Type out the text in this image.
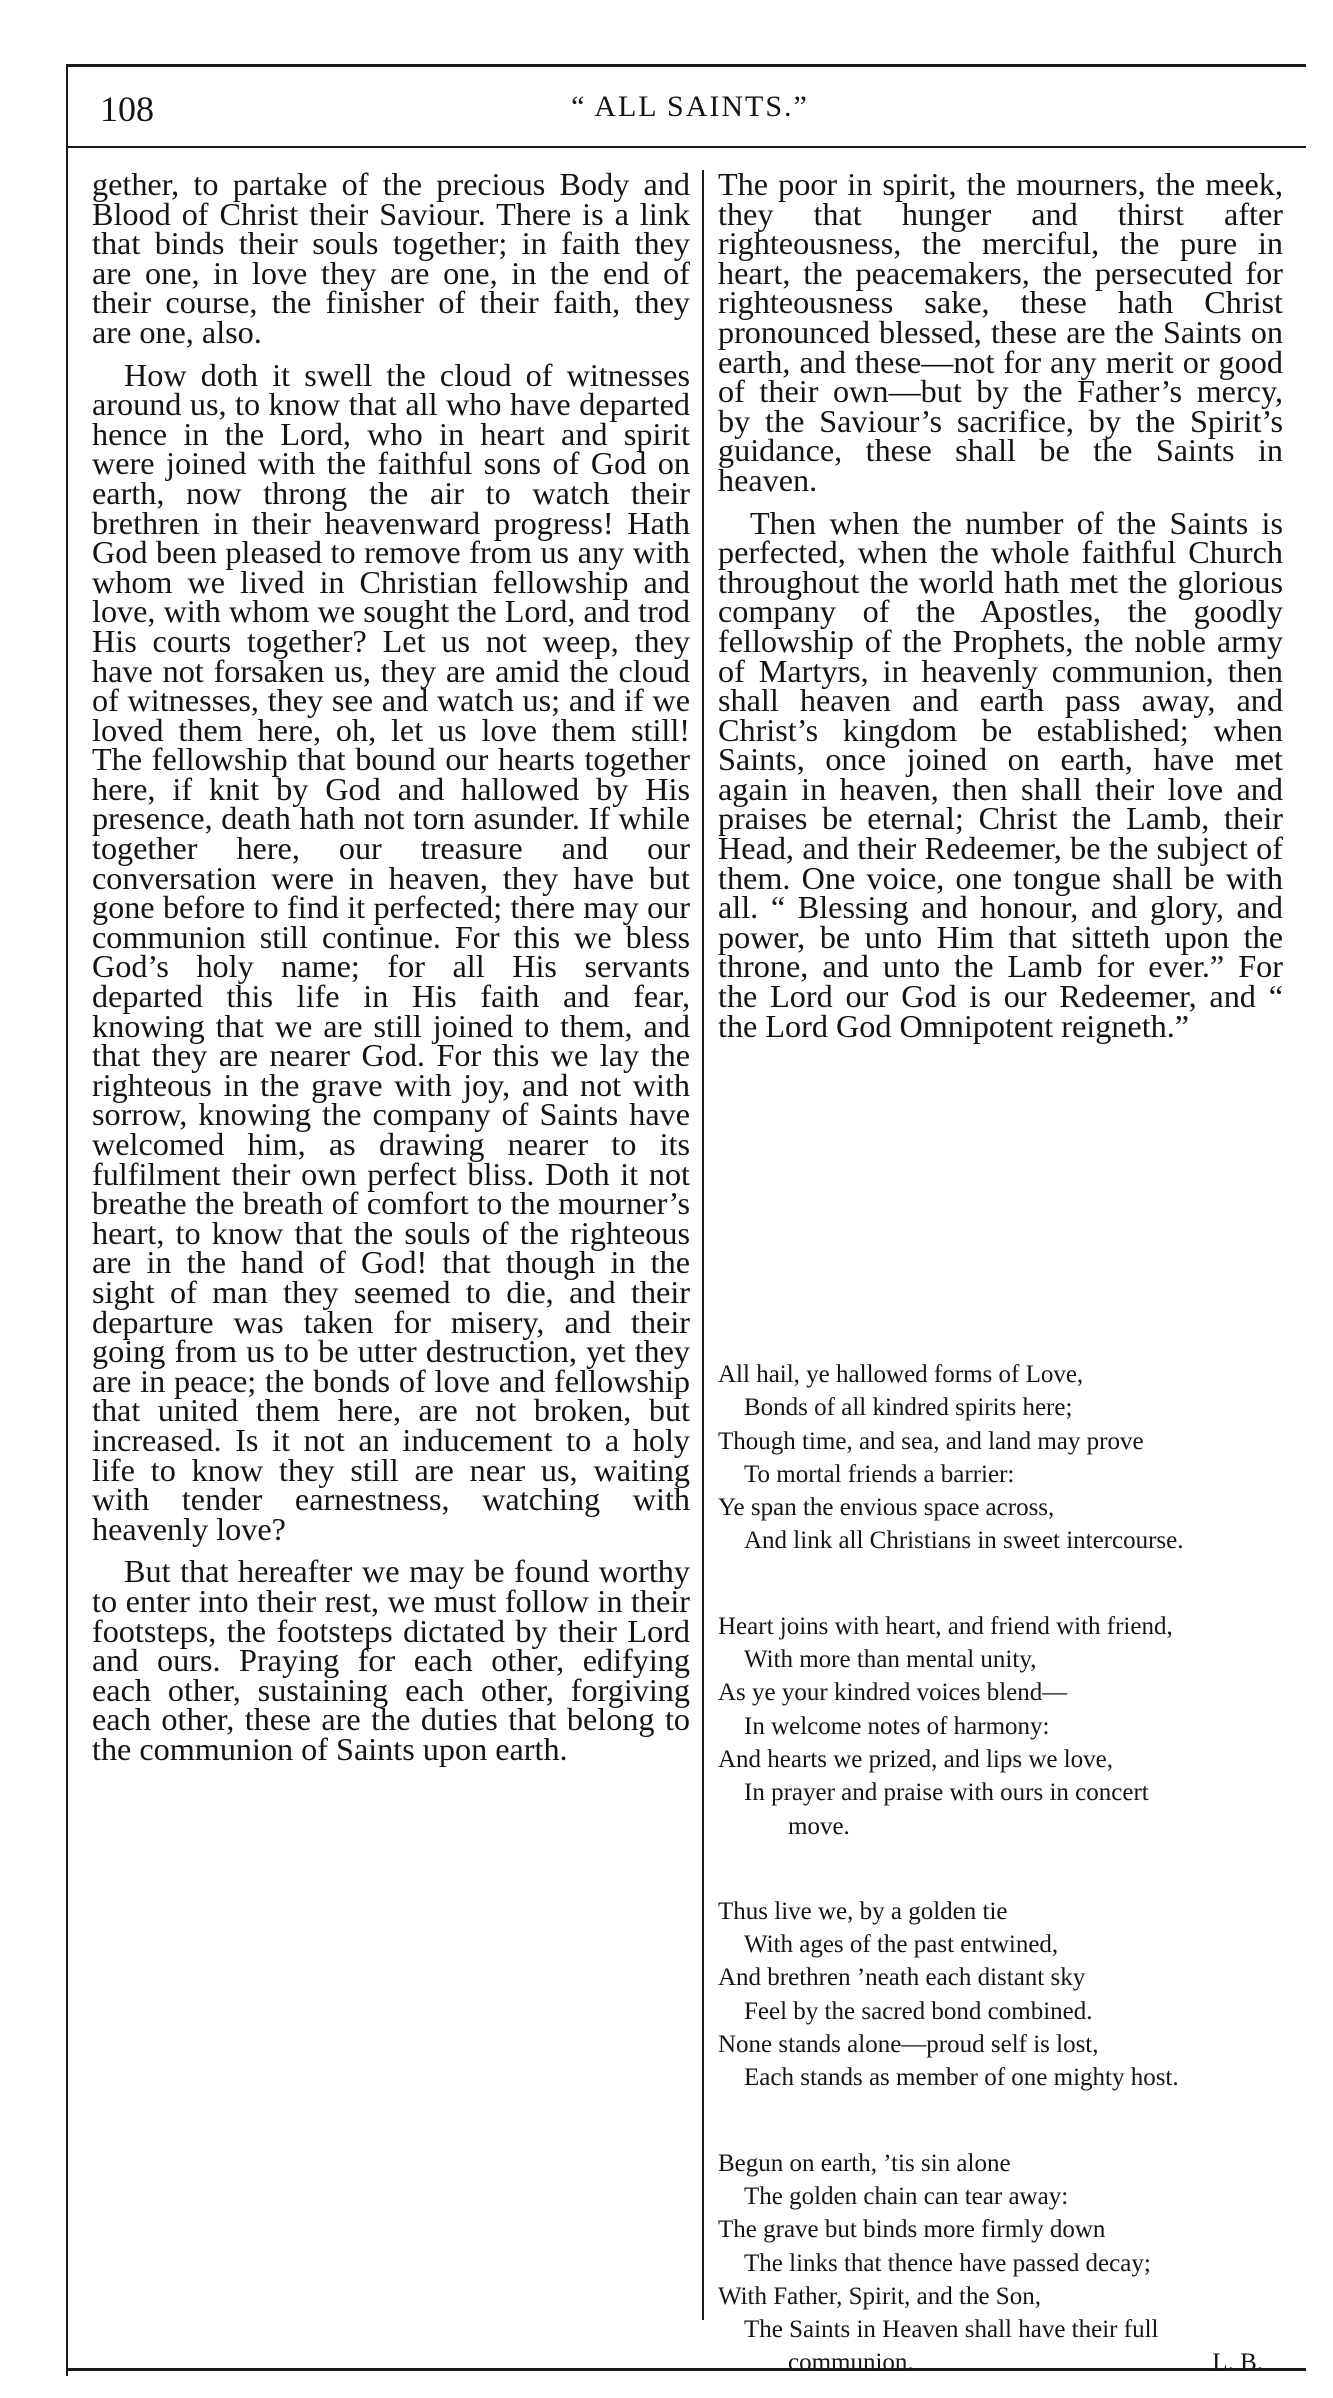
108	“ ALL SAINTS.”

gether, to partake of the precious Body and Blood of Christ their Saviour. There is a link that binds their souls together; in faith they are one, in love they are one, in the end of their course, the finisher of their faith, they are one, also.

How doth it swell the cloud of witnesses around us, to know that all who have departed hence in the Lord, who in heart and spirit were joined with the faithful sons of God on earth, now throng the air to watch their brethren in their heavenward progress! Hath God been pleased to remove from us any with whom we lived in Christian fellowship and love, with whom we sought the Lord, and trod His courts together? Let us not weep, they have not forsaken us, they are amid the cloud of witnesses, they see and watch us; and if we loved them here, oh, let us love them still! The fellowship that bound our hearts together here, if knit by God and hallowed by His presence, death hath not torn asunder. If while together here, our treasure and our conversation were in heaven, they have but gone before to find it perfected; there may our communion still continue. For this we bless God’s holy name; for all His servants departed this life in His faith and fear, knowing that we are still joined to them, and that they are nearer God. For this we lay the righteous in the grave with joy, and not with sorrow, knowing the company of Saints have welcomed him, as drawing nearer to its fulfilment their own perfect bliss. Doth it not breathe the breath of comfort to the mourner’s heart, to know that the souls of the righteous are in the hand of God! that though in the sight of man they seemed to die, and their departure was taken for misery, and their going from us to be utter destruction, yet they are in peace; the bonds of love and fellowship that united them here, are not broken, but increased. Is it not an inducement to a holy life to know they still are near us, waiting with tender earnestness, watching with heavenly love?

But that hereafter we may be found worthy to enter into their rest, we must follow in their footsteps, the footsteps dictated by their Lord and ours. Praying for each other, edifying each other, sustaining each other, forgiving each other, these are the duties that belong to the communion of Saints upon earth.

The poor in spirit, the mourners, the meek, they that hunger and thirst after righteousness, the merciful, the pure in heart, the peacemakers, the persecuted for righteousness sake, these hath Christ pronounced blessed, these are the Saints on earth, and these—not for any merit or good of their own—but by the Father’s mercy, by the Saviour’s sacrifice, by the Spirit’s guidance, these shall be the Saints in heaven.

Then when the number of the Saints is perfected, when the whole faithful Church throughout the world hath met the glorious company of the Apostles, the goodly fellowship of the Prophets, the noble army of Martyrs, in heavenly communion, then shall heaven and earth pass away, and Christ’s kingdom be established; when Saints, once joined on earth, have met again in heaven, then shall their love and praises be eternal; Christ the Lamb, their Head, and their Redeemer, be the subject of them. One voice, one tongue shall be with all. “ Blessing and honour, and glory, and power, be unto Him that sitteth upon the throne, and unto the Lamb for ever.” For the Lord our God is our Redeemer, and “ the Lord God Omnipotent reigneth.”

All hail, ye hallowed forms of Love,
Bonds of all kindred spirits here;
Though time, and sea, and land may prove
To mortal friends a barrier:
Ye span the envious space across,
And link all Christians in sweet intercourse.
Heart joins with heart, and friend with friend,
With more than mental unity,
As ye your kindred voices blend—
In welcome notes of harmony:
And hearts we prized, and lips we love,
In prayer and praise with ours in concert
move.
Thus live we, by a golden tie
With ages of the past entwined,
And brethren ’neath each distant sky
Feel by the sacred bond combined.
None stands alone—proud self is lost,
Each stands as member of one mighty host.
Begun on earth, ’tis sin alone
The golden chain can tear away:
The grave but binds more firmly down
The links that thence have passed decay;
With Father, Spirit, and the Son,
The Saints in Heaven shall have their full
communion.	L. B.
